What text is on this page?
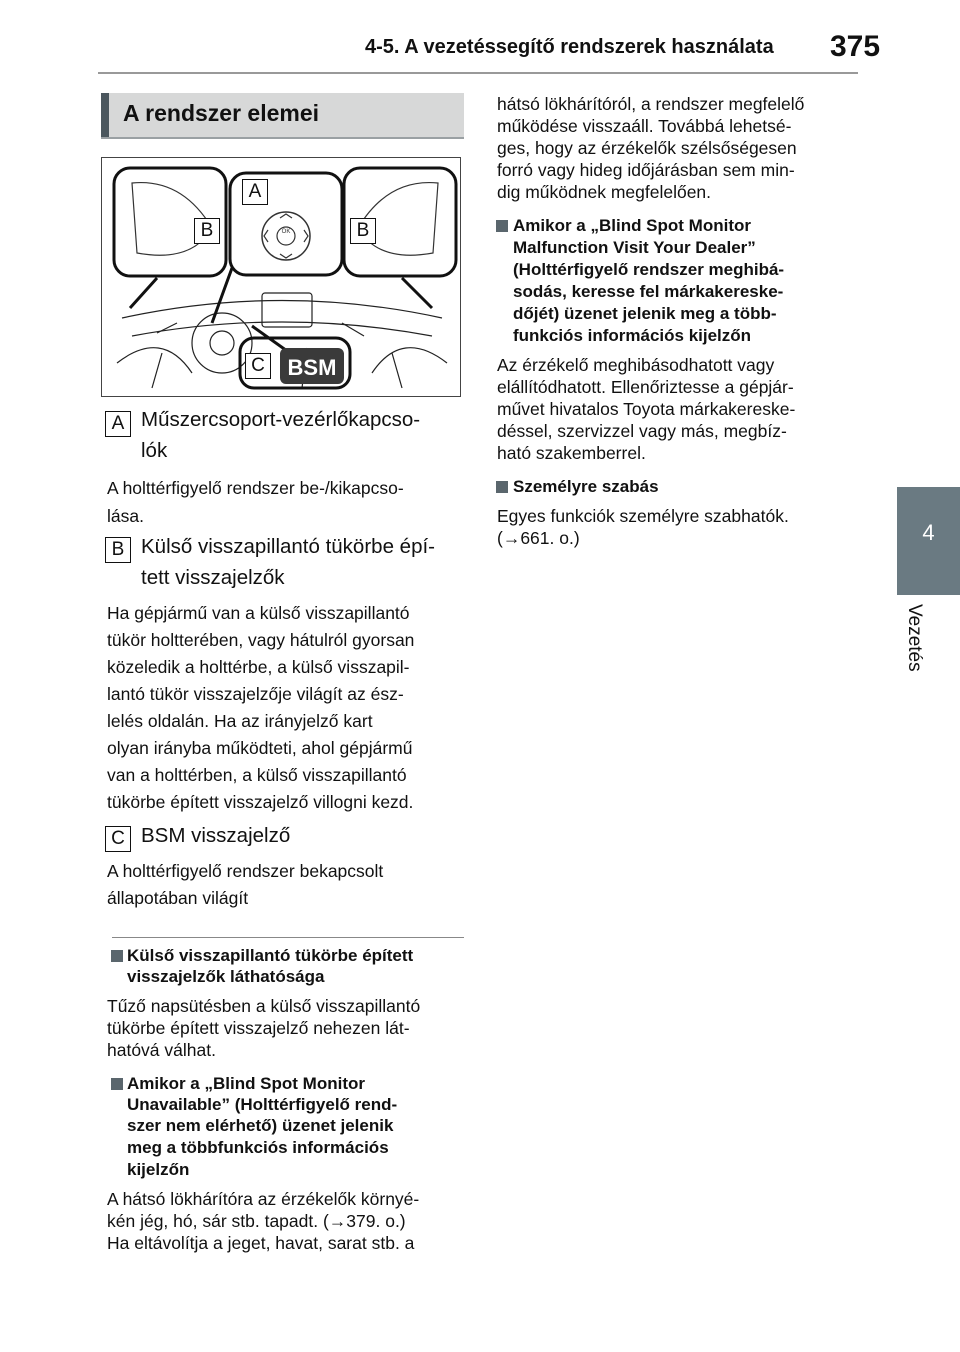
4-5. A vezetéssegítő rendszerek használata 375
4
Vezetés
A rendszer elemei
A
B	B
C	BSM
OK
A Műszercsoport-vezérlőkapcso-
lók
A holttérfigyelő rendszer be-/kikapcso-
lása.
B Külső visszapillantó tükörbe épí-
tett visszajelzők
Ha gépjármű van a külső visszapillantó
tükör holtterében, vagy hátulról gyorsan
közeledik a holttérbe, a külső visszapil-
lantó tükör visszajelzője világít az ész-
lelés oldalán. Ha az irányjelző kart
olyan irányba működteti, ahol gépjármű
van a holttérben, a külső visszapillantó
tükörbe épített visszajelző villogni kezd.
C BSM visszajelző
A holttérfigyelő rendszer bekapcsolt
állapotában világít
Külső visszapillantó tükörbe épített
visszajelzők láthatósága
Tűző napsütésben a külső visszapillantó
tükörbe épített visszajelző nehezen lát-
hatóvá válhat.
Amikor a „Blind Spot Monitor
Unavailable” (Holttérfigyelő rend-
szer nem elérhető) üzenet jelenik
meg a többfunkciós információs
kijelzőn
A hátsó lökhárítóra az érzékelők környé-
kén jég, hó, sár stb. tapadt. (→379. o.)
Ha eltávolítja a jeget, havat, sarat stb. a
hátsó lökhárítóról, a rendszer megfelelő
működése visszaáll. Továbbá lehetsé-
ges, hogy az érzékelők szélsőségesen
forró vagy hideg időjárásban sem min-
dig működnek megfelelően.
Amikor a „Blind Spot Monitor
Malfunction Visit Your Dealer”
(Holttérfigyelő rendszer meghibá-
sodás, keresse fel márkakereske-
dőjét) üzenet jelenik meg a több-
funkciós információs kijelzőn
Az érzékelő meghibásodhatott vagy
elállítódhatott. Ellenőriztesse a gépjár-
művet hivatalos Toyota márkakereske-
déssel, szervizzel vagy más, megbíz-
ható szakemberrel.
Személyre szabás
Egyes funkciók személyre szabhatók.
(→661. o.)
